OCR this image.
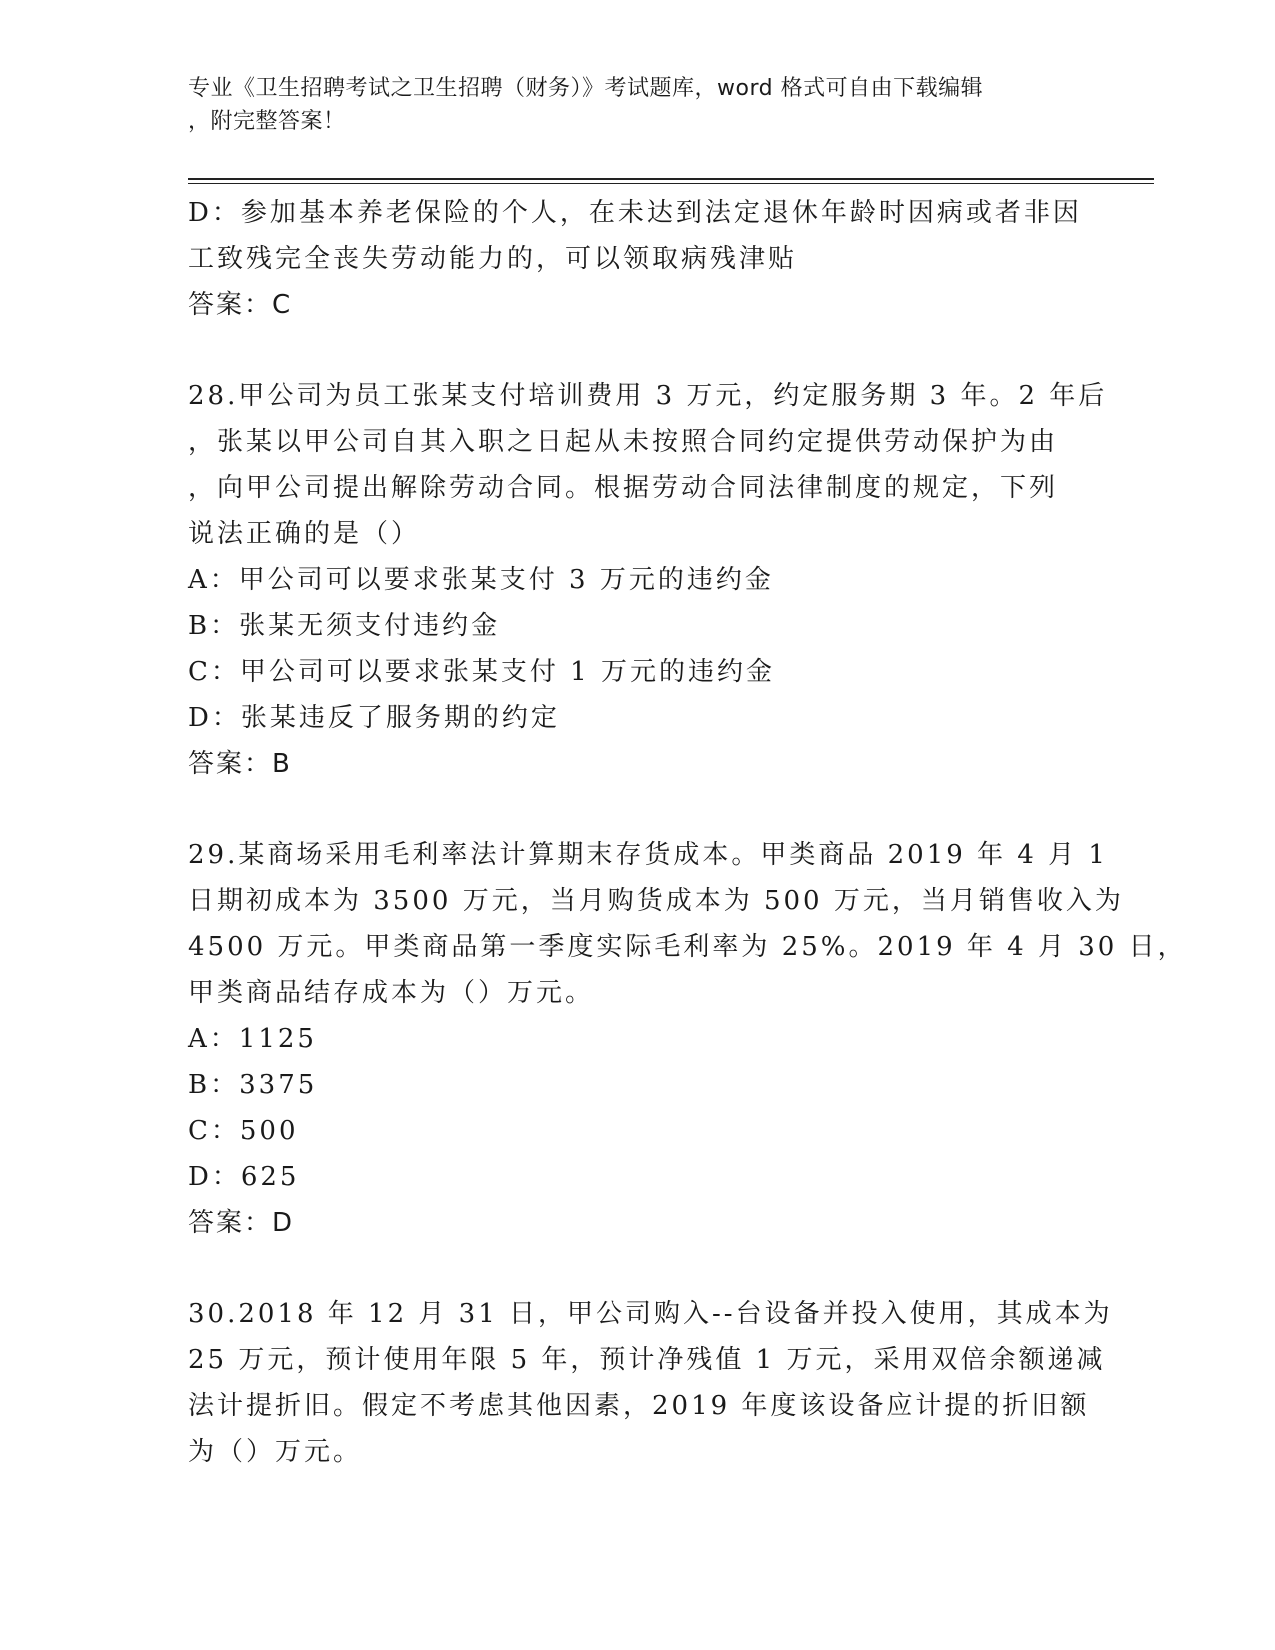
专业《卫生招聘考试之卫生招聘（财务）》考试题库，word 格式可自由下载编辑
，附完整答案！
D：参加基本养老保险的个人，在未达到法定退休年龄时因病或者非因
工致残完全丧失劳动能力的，可以领取病残津贴
答案：C
28.甲公司为员工张某支付培训费用 3 万元，约定服务期 3 年。2 年后
，张某以甲公司自其入职之日起从未按照合同约定提供劳动保护为由
，向甲公司提出解除劳动合同。根据劳动合同法律制度的规定，下列
说法正确的是（）
A：甲公司可以要求张某支付 3 万元的违约金
B：张某无须支付违约金
C：甲公司可以要求张某支付 1 万元的违约金
D：张某违反了服务期的约定
答案：B
29.某商场采用毛利率法计算期末存货成本。甲类商品 2019 年 4 月 1
日期初成本为 3500 万元，当月购货成本为 500 万元，当月销售收入为
4500 万元。甲类商品第一季度实际毛利率为 25%。2019 年 4 月 30 日，
甲类商品结存成本为（）万元。
A：1125
B：3375
C：500
D：625
答案：D
30.2018 年 12 月 31 日，甲公司购入--台设备并投入使用，其成本为
25 万元，预计使用年限 5 年，预计净残值 1 万元，采用双倍余额递减
法计提折旧。假定不考虑其他因素，2019 年度该设备应计提的折旧额
为（）万元。
